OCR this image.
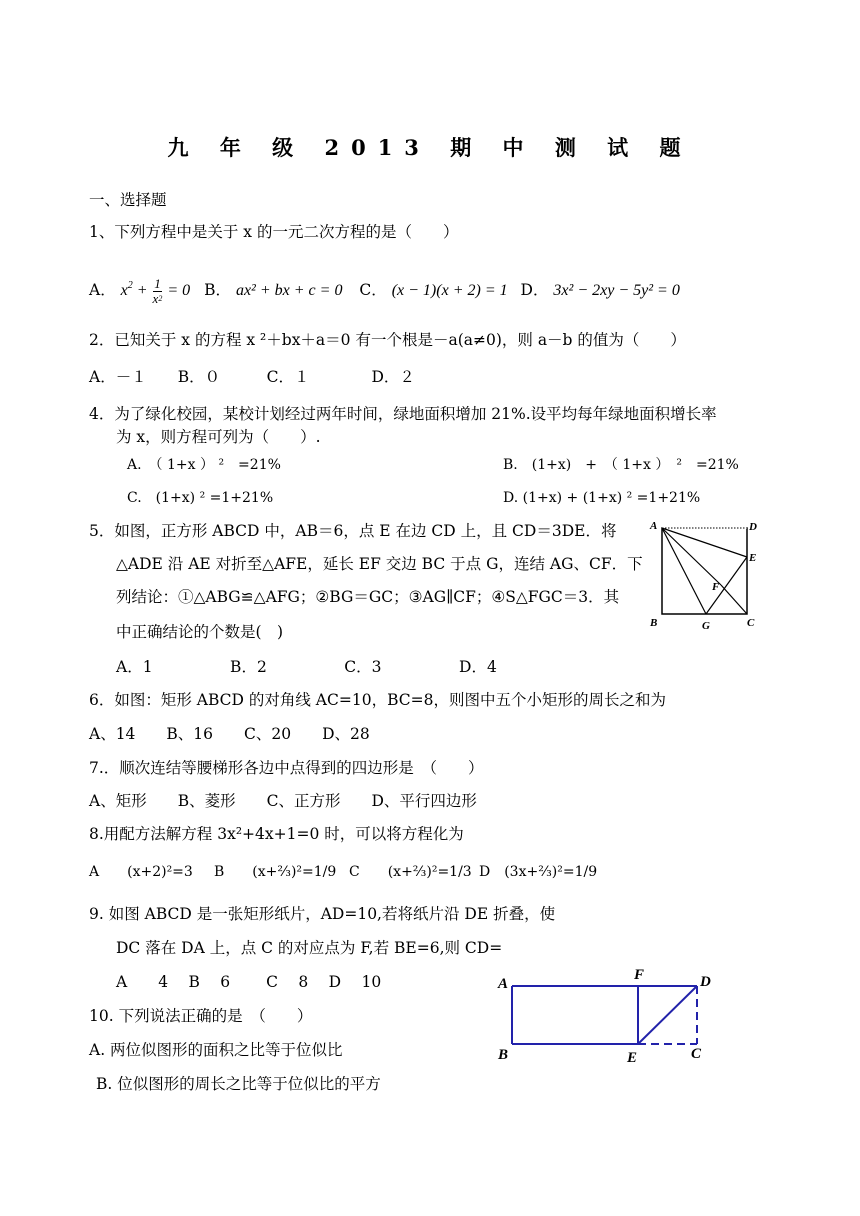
九 年 级 2013 期 中 测 试 题
一、选择题
1、下列方程中是关于 x 的一元二次方程的是（　　）
A． $x^2 + \frac{1}{x^2} = 0$ B． ax² + bx + c = 0 C． (x − 1)(x + 2) = 1 D． 3x² − 2xy − 5y² = 0
2．已知关于 x 的方程 x ²＋bx＋a＝0 有一个根是－a(a≠0)，则 a－b 的值为（　　）
A．－１　　B．０　　　C．１　　　　D．２
4．为了绿化校园，某校计划经过两年时间，绿地面积增加 21%.设平均每年绿地面积增长率
为 x，则方程可列为（　　）.
A.　（ 1+x ） ²　=21%	B.　(1+x)　+　（ 1+x ）　²　=21%
C.　(1+x) ² =1+21%	D. (1+x) + (1+x) ² =1+21%
5．如图，正方形 ABCD 中，AB＝6，点 E 在边 CD 上，且 CD＝3DE．将
△ADE 沿 AE 对折至△AFE，延长 EF 交边 BC 于点 G，连结 AG、CF．下
列结论：①△ABG≌△AFG；②BG＝GC；③AG∥CF；④S△FGC＝3．其
中正确结论的个数是(　)
A．1　　　　　B．2　　　　　C．3　　　　　D．4
A	D
E
F
B	G	C
6．如图：矩形 ABCD 的对角线 AC=10，BC=8，则图中五个小矩形的周长之和为
A、14　　B、16　　C、20　　D、28
7.．顺次连结等腰梯形各边中点得到的四边形是　（　　）
A、矩形　　B、菱形　　C、正方形　　D、平行四边形
8.用配方法解方程 3x²+4x+1=0 时，可以将方程化为
A　　(x+2)²=3 B　　(x+⅔)²=1/9 C　　(x+⅔)²=1/3 D　(3x+⅔)²=1/9
9. 如图 ABCD 是一张矩形纸片，AD=10,若将纸片沿 DE 折叠，使
DC 落在 DA 上，点 C 的对应点为 F,若 BE=6,则 CD=
A　　4　 B　 6　　 C　 8　 D　 10	A
F	D
B	E	C
10. 下列说法正确的是　（　　）
A. 两位似图形的面积之比等于位似比
B. 位似图形的周长之比等于位似比的平方
